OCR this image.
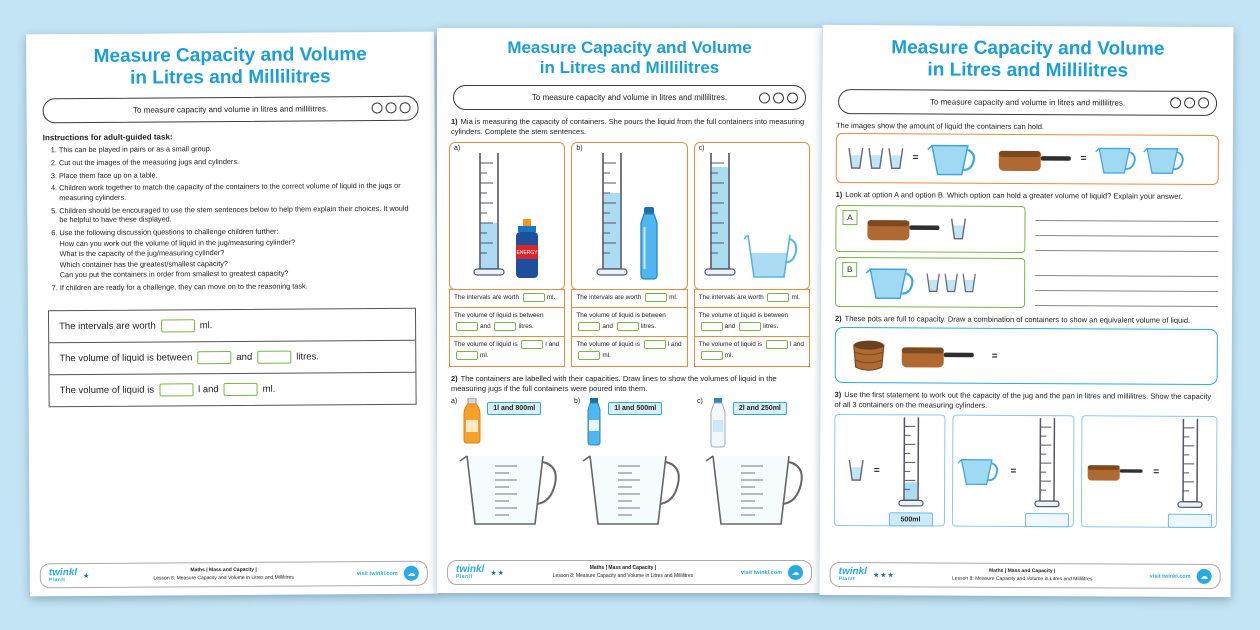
Measure Capacity and Volume
in Litres and Millilitres
To measure capacity and volume in litres and millilitres.
Instructions for adult-guided task:
1. This can be played in pairs or as a small group.
2. Cut out the images of the measuring jugs and cylinders.
3. Place them face up on a table.
4. Children work together to match the capacity of the containers to the correct volume of liquid in the jugs or measuring cylinders.
5. Children should be encouraged to use the stem sentences below to help them explain their choices. It would be helpful to have these displayed.
6. Use the following discussion questions to challenge children further:
How can you work out the volume of liquid in the jug/measuring cylinder?
What is the capacity of the jug/measuring cylinder?
Which container has the greatest/smallest capacity?
Can you put the containers in order from smallest to greatest capacity?
7. If children are ready for a challenge, they can move on to the reasoning task.
The intervals are worth	ml.
The volume of liquid is between	and	litres.
The volume of liquid is	l and	ml.
twinkl
PlanIt
★
Maths | Mass and Capacity |
Lesson 8: Measure Capacity and Volume in Litres and Millilitres
visit twinkl.com	☁
Measure Capacity and Volume
in Litres and Millilitres
To measure capacity and volume in litres and millilitres.
1) Mia is measuring the capacity of containers. She pours the liquid from the full containers into measuring cylinders. Complete the stem sentences.
a)
ENERGY
The intervals are worth	ml.
The volume of liquid is between and	litres.
The volume of liquid is	l and ml.
b)
The intervals are worth	ml.
The volume of liquid is between and	litres.
The volume of liquid is	l and ml.
c)
The intervals are worth	ml.
The volume of liquid is between and	litres.
The volume of liquid is	l and ml.
2) The containers are labelled with their capacities. Draw lines to show the volumes of liquid in the measuring jugs if the full containers were poured into them.
a)
1l and 800ml
b)
1l and 500ml
c)
2l and 250ml
twinkl
PlanIt
★★
Maths | Mass and Capacity |
Lesson 8: Measure Capacity and Volume in Litres and Millilitres	visit twinkl.com	☁
Measure Capacity and Volume
in Litres and Millilitres
To measure capacity and volume in litres and millilitres.
The images show the amount of liquid the containers can hold.
=	=
1) Look at option A and option B. Which option can hold a greater volume of liquid? Explain your answer.
A
B
2) These pots are full to capacity. Draw a combination of containers to show an equivalent volume of liquid.
=
3) Use the first statement to work out the capacity of the jug and the pan in litres and millilitres. Show the capacity of all 3 containers on the measuring cylinders.
=
500ml
=	=
twinkl
PlanIt
★★★
Maths | Mass and Capacity |
Lesson 8: Measure Capacity and Volume in Litres and Millilitres	visit twinkl.com	☁
